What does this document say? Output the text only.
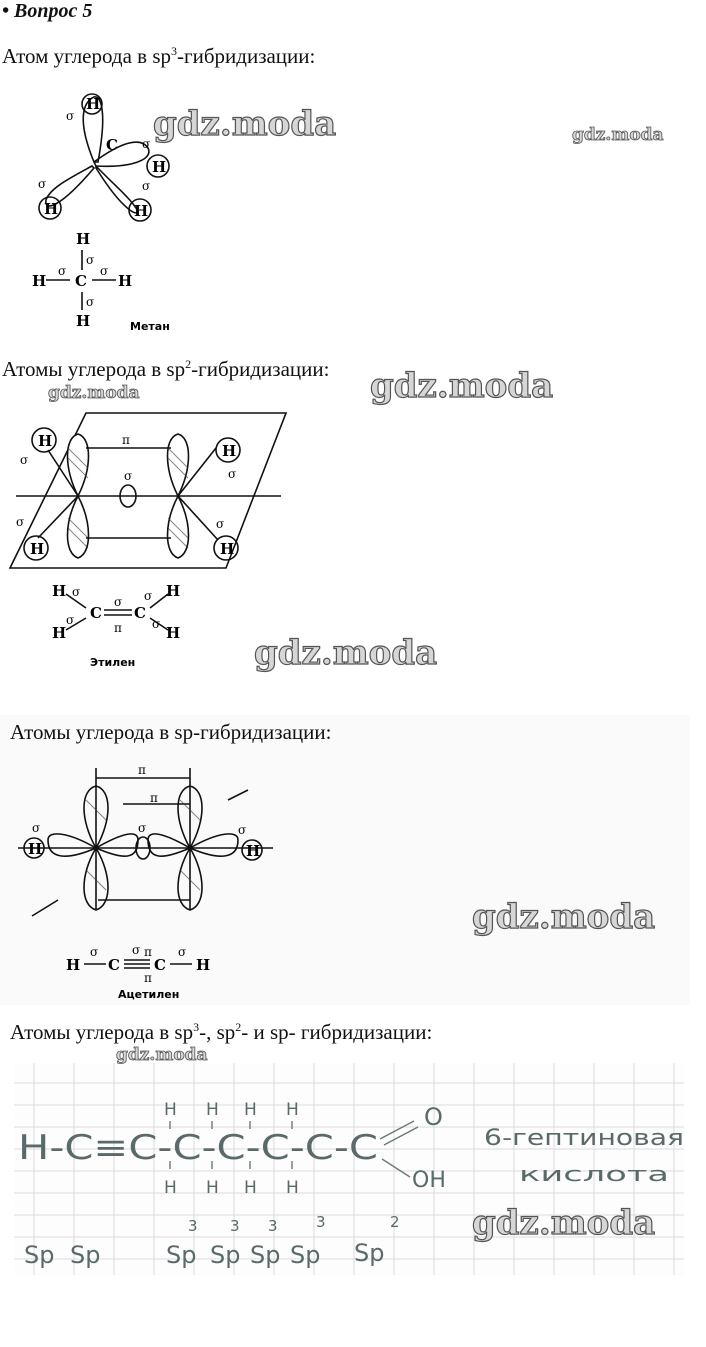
• Вопрос 5
Атом углерода в $sp^3$-гибридизации:
H
H
H	H
C
σ
σ
σ
σ
H
H C H
H
σ
σ	σ
σ
Метан
Атомы углерода в $sp^2$-гибридизации:
H
H
H
H
π
σ
σ
σ
σ
σ
H
H
C C
H
H
σ
σ
σ
π
σ
σ
Этилен
Атомы углерода в sp-гибридизации:
H	H
π
π
σ
σ	σ
H C C H
σ	σ π
π
σ
Ацетилен
Атомы углерода в $sp^3-$, $sp^2-$ и sp- гибридизации:
H-C≡C-C-C-C-C-C
H H H H
H H H H
O
OH
6-гептиновая
кислота
Sp Sp	Sp Sp Sp Sp Sp
3 3 3	3	2
gdz.moda	gdz.moda
gdz.moda	gdz.moda
gdz.moda
gdz.moda
gdz.moda
gdz.moda
